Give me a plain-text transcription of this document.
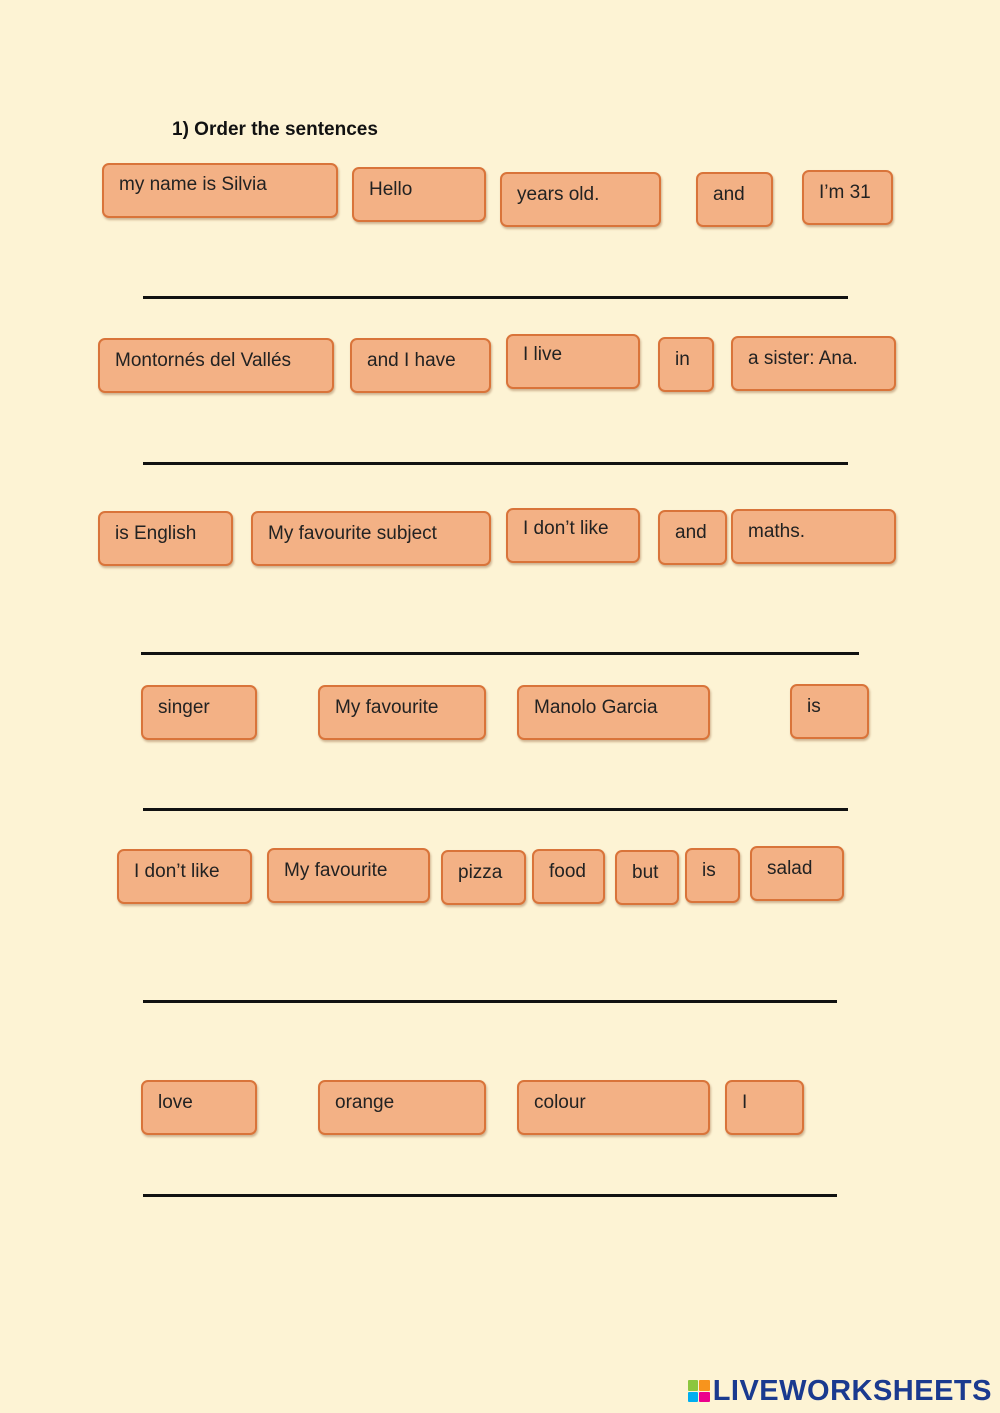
1) Order the sentences
my name is Silvia	Hello	years old.	and	I’m 31
Montornés del Vallés	and I have	I live	in	a sister: Ana.
is English	My favourite subject	I don’t like	and	maths.
singer	My favourite	Manolo Garcia	is
I don’t like	My favourite	pizza	food	but	is	salad
love	orange	colour	I
LIVEWORKSHEETS
